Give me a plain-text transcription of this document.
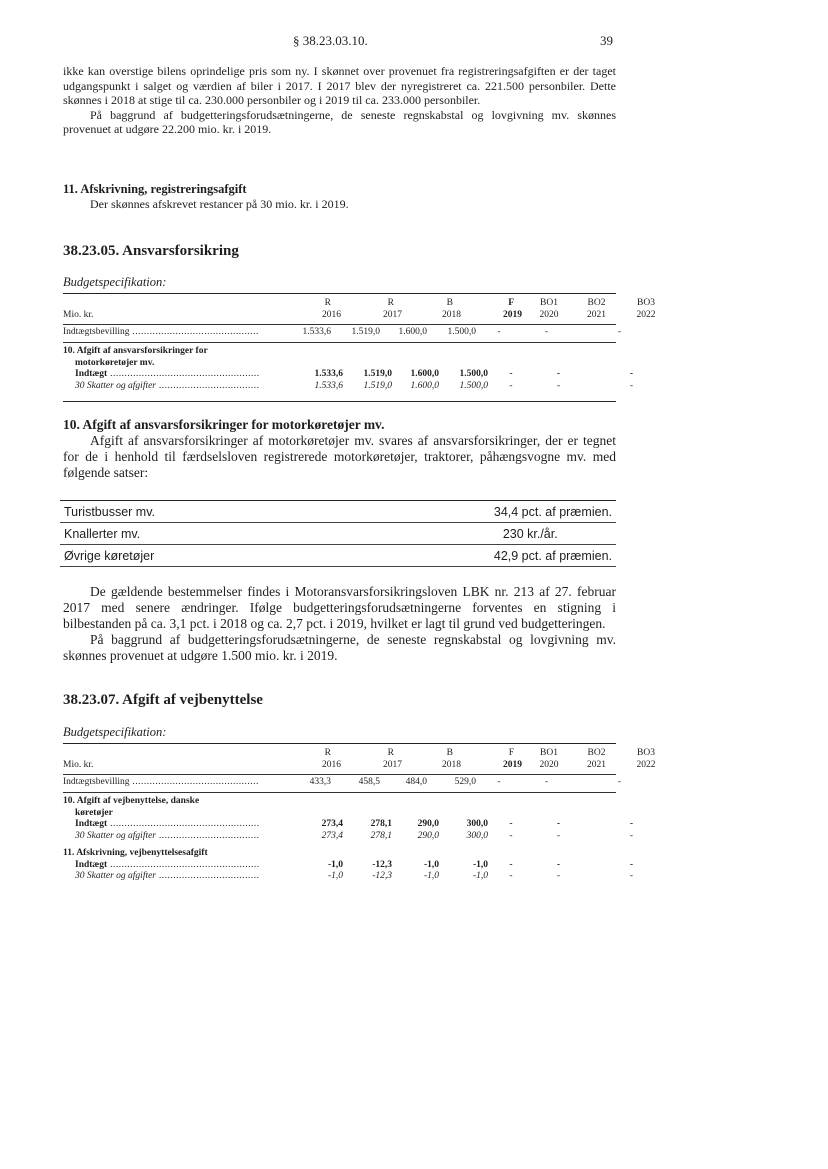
§ 38.23.03.10.	39

ikke kan overstige bilens oprindelige pris som ny. I skønnet over provenuet fra registreringsafgiften er der taget udgangspunkt i salget og værdien af biler i 2017. I 2017 blev der nyregistreret ca. 221.500 personbiler. Dette skønnes i 2018 at stige til ca. 230.000 personbiler og i 2019 til ca. 233.000 personbiler.

På baggrund af budgetteringsforudsætningerne, de seneste regnskabstal og lovgivning mv. skønnes provenuet at udgøre 22.200 mio. kr. i 2019.

11. Afskrivning, registreringsafgift

Der skønnes afskrevet restancer på 30 mio. kr. i 2019.

38.23.05. Ansvarsforsikring

Budgetspecifikation:

	R	R	B	F	BO1	BO2	BO3
Mio. kr.	2016	2017	2018	2019	2020	2021	2022
Indtægtsbevilling .....	1.533,6	1.519,0	1.600,0	1.500,0	-	-	-
10. Afgift af ansvarsforsikringer for							
motorkøretøjer mv.							

Indtægt .....	1.533,6	1.519,0	1.600,0	1.500,0	-	-	-

30 Skatter og afgifter .....	1.533,6	1.519,0	1.600,0	1.500,0	-	-	-

10. Afgift af ansvarsforsikringer for motorkøretøjer mv.

Afgift af ansvarsforsikringer af motorkøretøjer mv. svares af ansvarsforsikringer, der er tegnet for de i henhold til færdselsloven registrerede motorkøretøjer, traktorer, påhængsvogne mv. med følgende satser:

Turistbusser mv.	34,4 pct. af præmien.
Knallerter mv.	230 kr./år.
Øvrige køretøjer	42,9 pct. af præmien.

De gældende bestemmelser findes i Motoransvarsforsikringsloven LBK nr. 213 af 27. februar 2017 med senere ændringer. Ifølge budgetteringsforudsætningerne forventes en stigning i bilbestanden på ca. 3,1 pct. i 2018 og ca. 2,7 pct. i 2019, hvilket er lagt til grund ved budgetteringen.

På baggrund af budgetteringsforudsætningerne, de seneste regnskabstal og lovgivning mv. skønnes provenuet at udgøre 1.500 mio. kr. i 2019.

38.23.07. Afgift af vejbenyttelse

Budgetspecifikation:

	R	R	B	F	BO1	BO2	BO3
Mio. kr.	2016	2017	2018	2019	2020	2021	2022
Indtægtsbevilling .....	433,3	458,5	484,0	529,0	-	-	-
10. Afgift af vejbenyttelse, danske							
køretøjer							

Indtægt .....	273,4	278,1	290,0	300,0	-	-	-

30 Skatter og afgifter .....	273,4	278,1	290,0	300,0	-	-	-

11. Afskrivning, vejbenyttelsesafgift							

Indtægt .....	-1,0	-12,3	-1,0	-1,0	-	-	-

30 Skatter og afgifter .....	-1,0	-12,3	-1,0	-1,0	-	-	-
